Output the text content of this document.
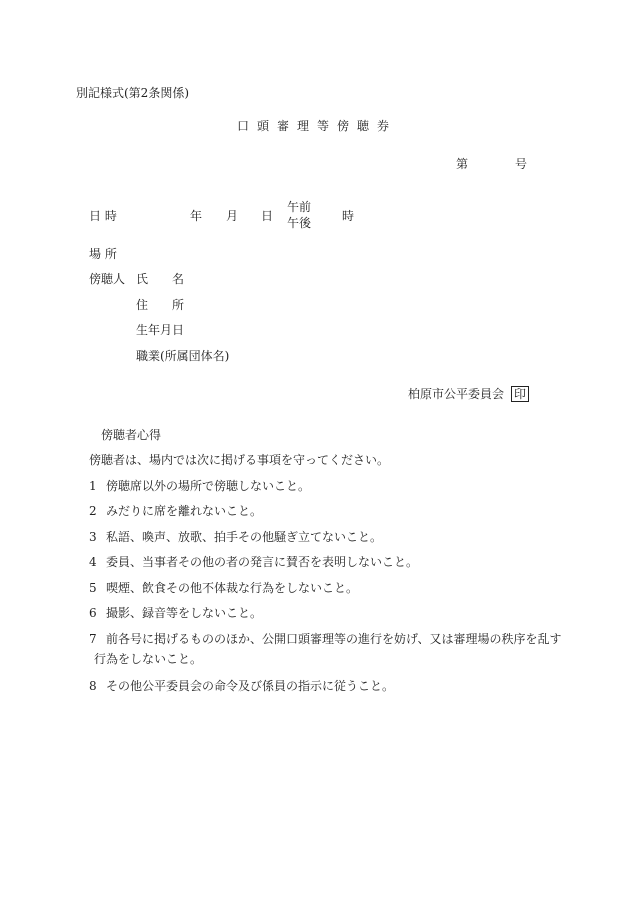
別記様式(第2条関係)
口頭審理等傍聴券
第	号
日 時	年 月 日
午前
午後	時
場 所
傍聴人 氏　　名
住　　所
生年月日
職業(所属団体名)
柏原市公平委員会 印
傍聴者心得
傍聴者は、場内では次に掲げる事項を守ってください。
1 傍聴席以外の場所で傍聴しないこと。
2 みだりに席を離れないこと。
3 私語、喚声、放歌、拍手その他騒ぎ立てないこと。
4 委員、当事者その他の者の発言に賛否を表明しないこと。
5 喫煙、飲食その他不体裁な行為をしないこと。
6 撮影、録音等をしないこと。
7 前各号に掲げるもののほか、公開口頭審理等の進行を妨げ、又は審理場の秩序を乱す
行為をしないこと。
8 その他公平委員会の命令及び係員の指示に従うこと。
